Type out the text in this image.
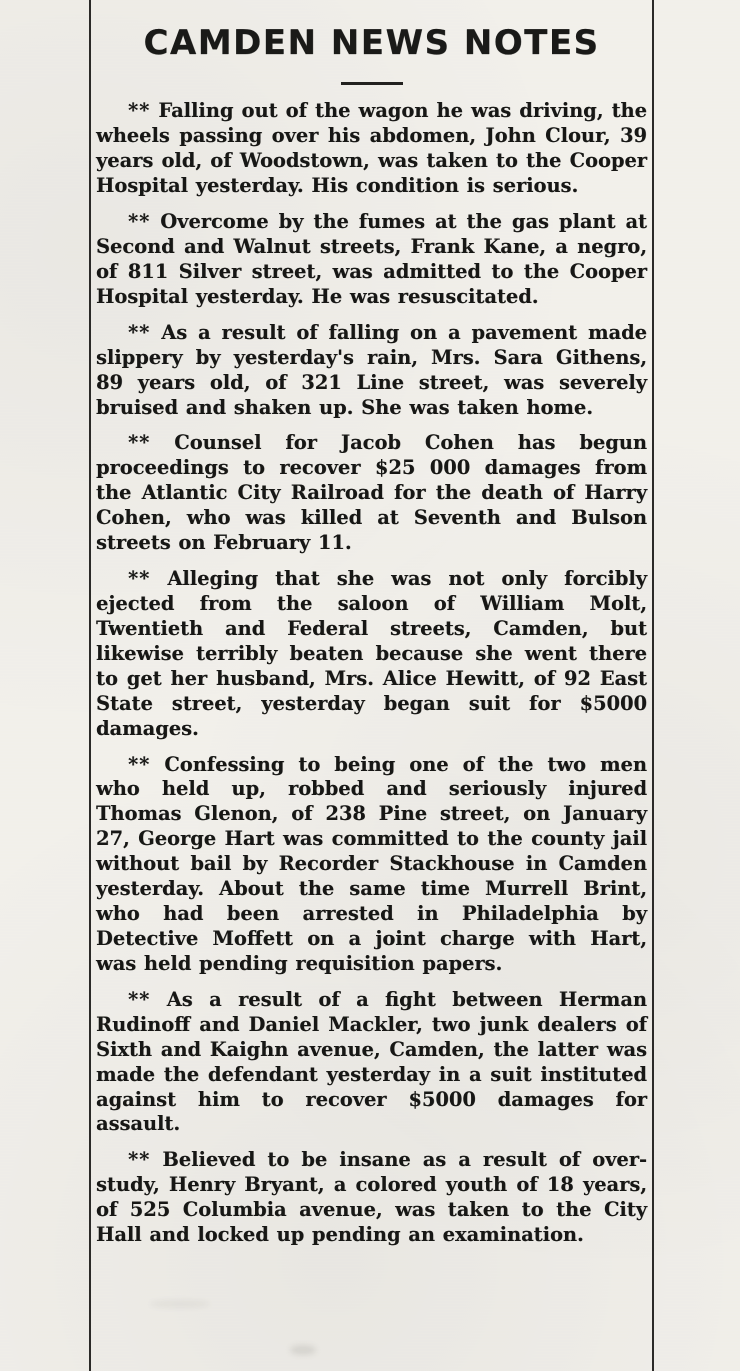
CAMDEN NEWS NOTES

** Falling out of the wagon he was driving, the wheels passing over his abdomen, John Clour, 39 years old, of Woodstown, was taken to the Cooper Hospital yesterday. His condition is serious.

** Overcome by the fumes at the gas plant at Second and Walnut streets, Frank Kane, a negro, of 811 Silver street, was admitted to the Cooper Hospital yesterday. He was resuscitated.

** As a result of falling on a pavement made slippery by yesterday's rain, Mrs. Sara Githens, 89 years old, of 321 Line street, was severely bruised and shaken up. She was taken home.

** Counsel for Jacob Cohen has begun proceedings to recover $25 000 damages from the Atlantic City Railroad for the death of Harry Cohen, who was killed at Seventh and Bulson streets on February 11.

** Alleging that she was not only forcibly ejected from the saloon of William Molt, Twentieth and Federal streets, Camden, but likewise terribly beaten because she went there to get her husband, Mrs. Alice Hewitt, of 92 East State street, yesterday began suit for $5000 damages.

** Confessing to being one of the two men who held up, robbed and seriously injured Thomas Glenon, of 238 Pine street, on January 27, George Hart was committed to the county jail without bail by Recorder Stackhouse in Camden yesterday. About the same time Murrell Brint, who had been arrested in Philadelphia by Detective Moffett on a joint charge with Hart, was held pending requisition papers.

** As a result of a fight between Herman Rudinoff and Daniel Mackler, two junk dealers of Sixth and Kaighn avenue, Camden, the latter was made the defendant yesterday in a suit instituted against him to recover $5000 damages for assault.

** Believed to be insane as a result of over-study, Henry Bryant, a colored youth of 18 years, of 525 Columbia avenue, was taken to the City Hall and locked up pending an examination.
